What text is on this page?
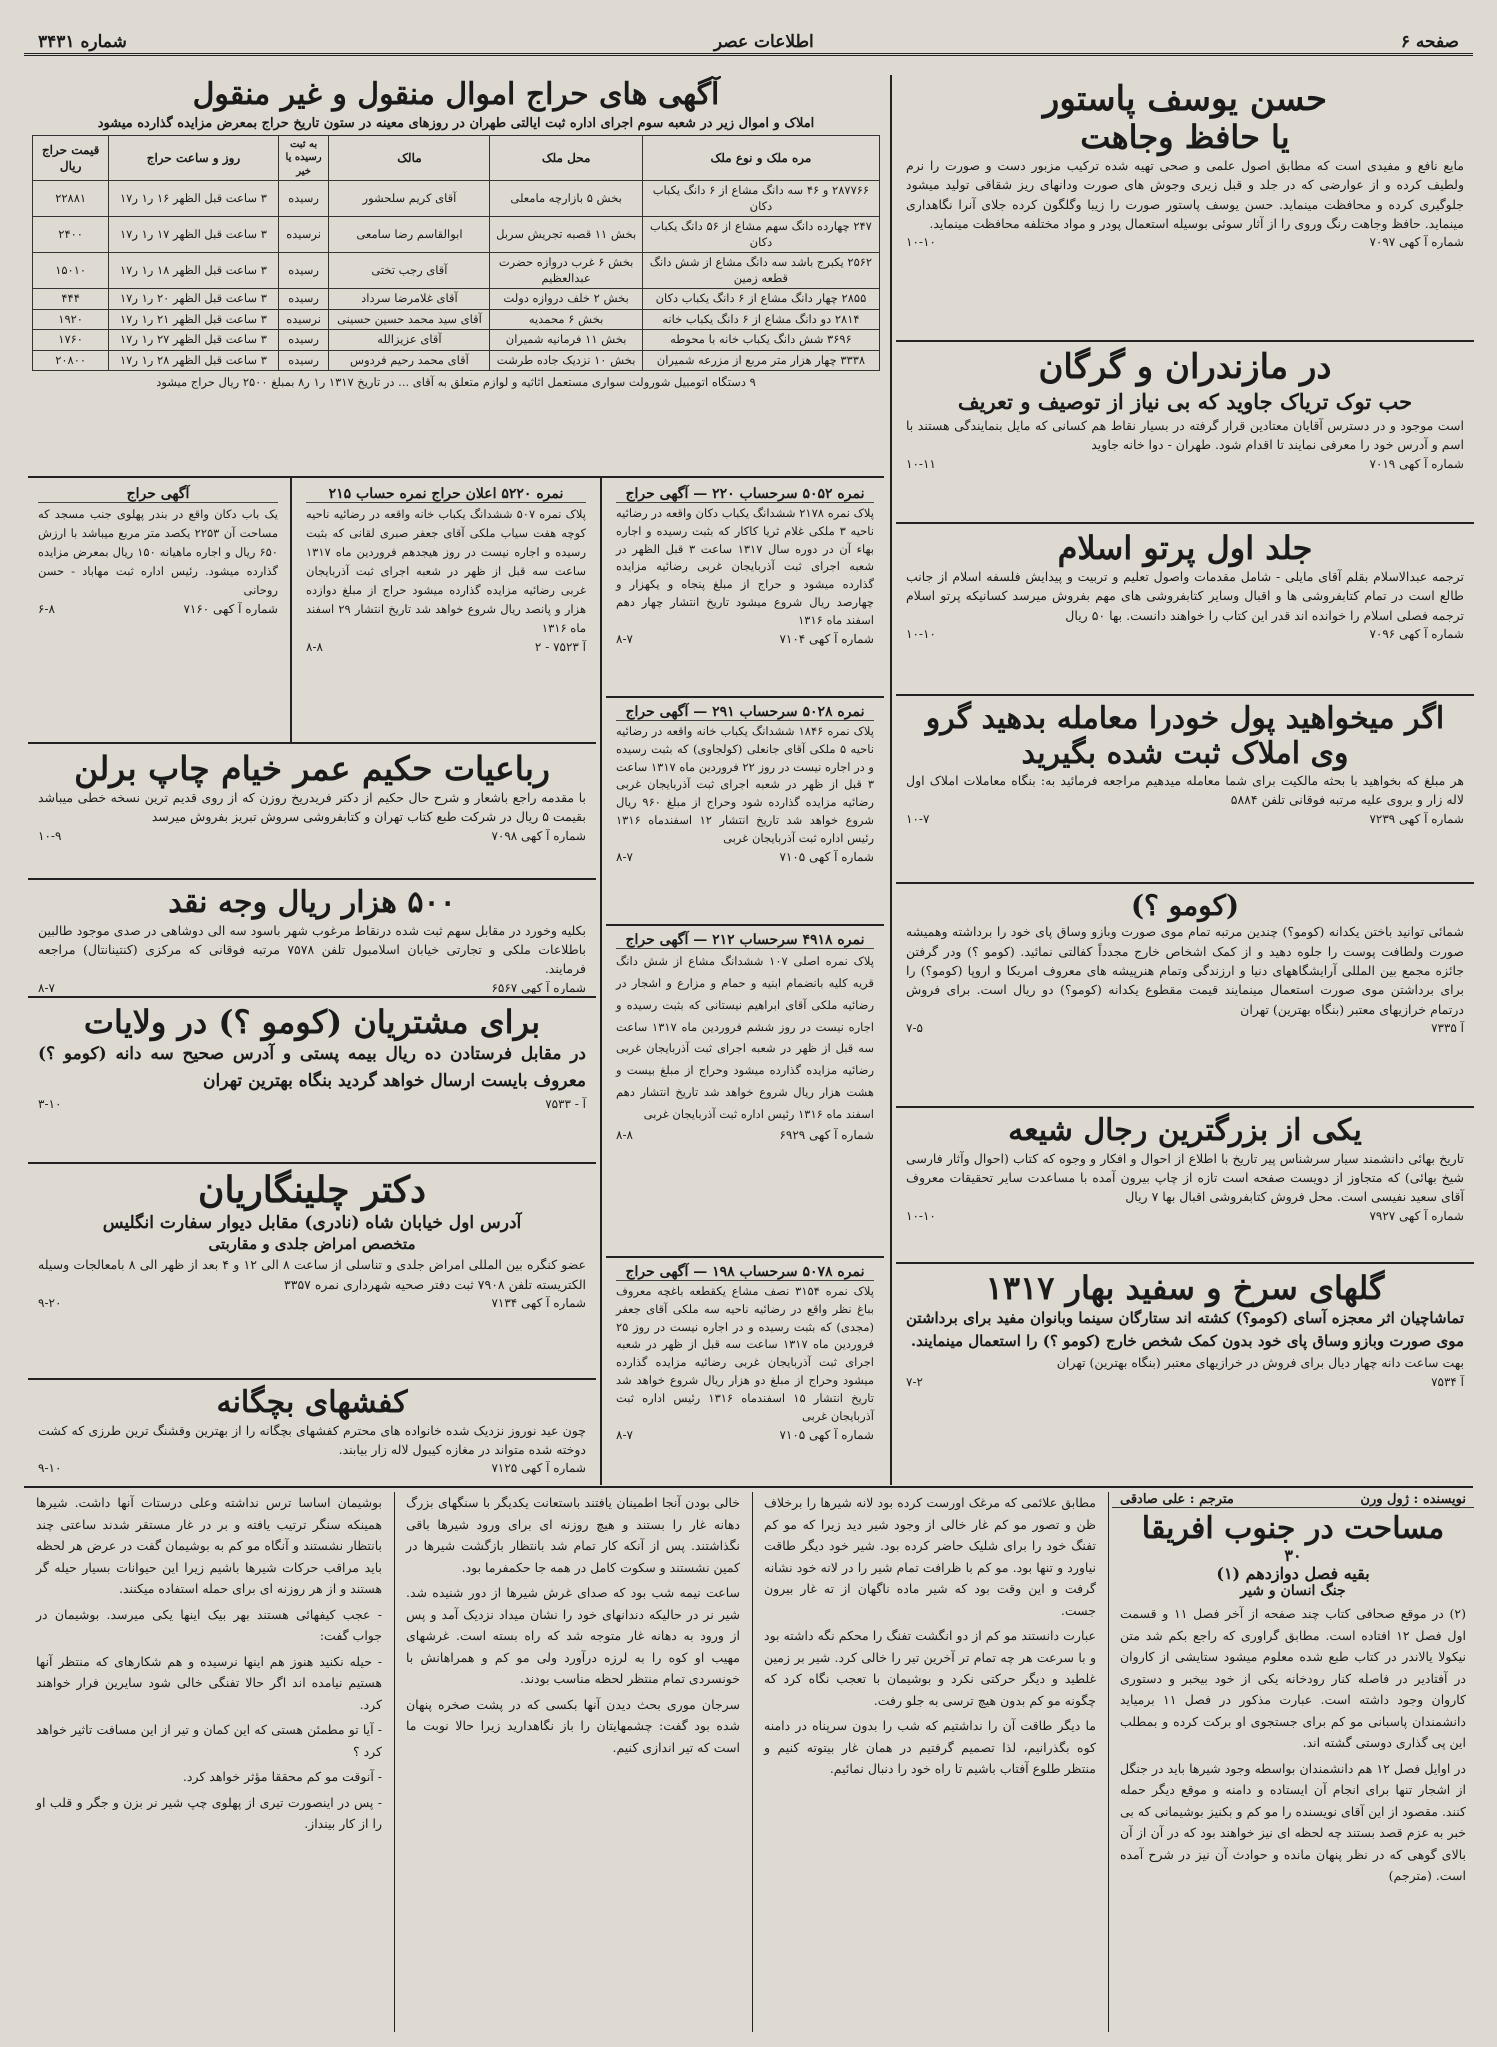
شماره ۳۴۳۱	اطلاعات عصر	صفحه ۶
حسن یوسف پاستور
یا حافظ وجاهت
مایع نافع و مفیدی است که مطابق اصول علمی و صحی تهیه شده ترکیب مزبور دست و صورت را نرم ولطیف کرده و از عوارضی که در جلد و قبل زیری وجوش های صورت ودانهای ریز شقاقی تولید میشود جلوگیری کرده و محافظت مینماید. حسن یوسف پاستور صورت را زیبا وگلگون کرده جلای آنرا نگاهداری مینماید. حافظ وجاهت رنگ وروی را از آثار سوئی بوسیله استعمال پودر و مواد مختلفه محافظت مینماید.
شماره آ کهی ۷۰۹۷
۱۰-۱۰
در مازندران و گرگان
حب توک تریاک جاوید که بی نیاز از توصیف و تعریف
است موجود و در دسترس آقایان معتادین قرار گرفته در بسیار نقاط هم کسانی که مایل بنمایندگی هستند با اسم و آدرس خود را معرفی نمایند تا اقدام شود. طهران - دوا خانه جاوید
شماره آ کهی ۷۰۱۹
۱۰-۱۱
جلد اول پرتو اسلام
ترجمه عبدالاسلام بقلم آقای مایلی - شامل مقدمات واصول تعلیم و تربیت و پیدایش فلسفه اسلام از جانب طالع است در تمام کتابفروشی ها و اقبال وسایر کتابفروشی های مهم بفروش میرسد کسانیکه پرتو اسلام ترجمه فصلی اسلام را خوانده اند قدر این کتاب را خواهند دانست. بها ۵۰ ریال
شماره آ کهی ۷۰۹۶
۱۰-۱۰
اگر میخواهید پول خودرا معامله بدهید گرو وی املاک ثبت شده بگیرید
هر مبلغ که بخواهید با بحثه مالکیت برای شما معامله میدهیم مراجعه فرمائید به: بنگاه معاملات املاک اول لاله زار و بروی علیه مرتبه فوقانی تلفن ۵۸۸۴
شماره آ کهی ۷۲۳۹
۱۰-۷
(کومو ؟)
شمائی توانید باختن یکدانه (کومو؟) چندین مرتبه تمام موی صورت وبازو وساق پای خود را برداشته وهمیشه صورت ولطافت پوست را جلوه دهید و از کمک اشخاص خارج مجدداً کفالتی نمائید. (کومو ؟) ودر گرفتن جائزه مجمع بین المللی آرایشگاههای دنیا و ارزندگی وتمام هنرپیشه های معروف امریکا و اروپا (کومو؟) را برای برداشتن موی صورت استعمال مینمایند قیمت مقطوع یکدانه (کومو؟) دو ریال است. برای فروش درتمام خرازیهای معتبر (بنگاه بهترین) تهران
آ ۷۳۳۵
۷-۵
یکی از بزرگترین رجال شیعه
تاریخ بهائی دانشمند سیار سرشناس پیر تاریخ با اطلاع از احوال و افکار و وجوه که کتاب (احوال وآثار فارسی شیخ بهائی) که متجاوز از دویست صفحه است تازه از چاپ بیرون آمده با مساعدت سایر تحقیقات معروف آقای سعید نفیسی است. محل فروش کتابفروشی اقبال بها ۷ ریال
شماره آ کهی ۷۹۲۷
۱۰-۱۰
گلهای سرخ و سفید بهار ۱۳۱۷
تماشاچیان اثر معجزه آسای (کومو؟) کشته اند ستارگان سینما وبانوان مفید برای برداشتن موی صورت وبازو وساق پای خود بدون کمک شخص خارج (کومو ؟) را استعمال مینمایند.
بهت ساعت دانه چهار دیال برای فروش در خرازیهای معتبر (بنگاه بهترین) تهران
آ ۷۵۳۴
۷-۲
آگهی های حراج اموال منقول و غیر منقول
املاک و اموال زیر در شعبه سوم اجرای اداره ثبت ایالتی طهران در روزهای معینه در ستون تاریخ حراج بمعرض مزایده گذارده میشود
مره ملک و نوع ملک	محل ملک	مالک	به ثبت رسیده یا خیر	روز و ساعت حراج	قیمت حراج ریال
۲۸۷۷۶۶ و ۴۶ سه دانگ مشاع از ۶ دانگ یکباب دکان	بخش ۵ بازارچه مامعلی	آقای کریم سلحشور	رسیده	۳ ساعت قبل الظهر ۱۶ ر۱ ر۱۷	۲۲۸۸۱
۲۴۷ چهارده دانگ سهم مشاع از ۵۶ دانگ یکباب دکان	بخش ۱۱ قصبه تجریش سربل	ابوالقاسم رضا سامعی	نرسیده	۳ ساعت قبل الظهر ۱۷ ر۱ ر۱۷	۲۴۰۰
۲۵۶۲ یکبرج باشد سه دانگ مشاع از شش دانگ قطعه زمین	بخش ۶ غرب دروازه حضرت عبدالعظیم	آقای رجب تختی	رسیده	۳ ساعت قبل الظهر ۱۸ ر۱ ر۱۷	۱۵۰۱۰
۲۸۵۵ چهار دانگ مشاع از ۶ دانگ یکباب دکان	بخش ۲ خلف دروازه دولت	آقای غلامرضا سرداد	رسیده	۳ ساعت قبل الظهر ۲۰ ر۱ ر۱۷	۴۴۴
۲۸۱۴ دو دانگ مشاع از ۶ دانگ یکباب خانه	بخش ۶ محمدیه	آقای سید محمد حسین حسینی	نرسیده	۳ ساعت قبل الظهر ۲۱ ر۱ ر۱۷	۱۹۲۰
۳۶۹۶ شش دانگ یکباب خانه با محوطه	بخش ۱۱ فرمانیه شمیران	آقای عزیزالله	رسیده	۳ ساعت قبل الظهر ۲۷ ر۱ ر۱۷	۱۷۶۰
۳۳۳۸ چهار هزار متر مربع از مزرعه شمیران	بخش ۱۰ نزدیک جاده طرشت	آقای محمد رحیم فردوس	رسیده	۳ ساعت قبل الظهر ۲۸ ر۱ ر۱۷	۲۰۸۰۰
۹ دستگاه اتومبیل شورولت سواری مستعمل اثاثیه و لوازم متعلق به آقای ... در تاریخ ۱۳۱۷ ر۱ ر۸ بمبلغ ۲۵۰۰ ریال حراج میشود
نمره ۵۰۵۲ سرحساب ۲۲۰ — آگهی حراج
پلاک نمره ۲۱۷۸ ششدانگ یکباب دکان واقعه در رضائیه ناحیه ۳ ملکی غلام ثریا کاکار که بثبت رسیده و اجاره بهاء آن در دوره سال ۱۳۱۷ ساعت ۳ قبل الظهر در شعبه اجرای ثبت آذربایجان غربی رضائیه مزایده گذارده میشود و حراج از مبلغ پنجاه و یکهزار و چهارصد ریال شروع میشود تاریخ انتشار چهار دهم اسفند ماه ۱۳۱۶
شماره آ کهی ۷۱۰۴
۸-۷
نمره ۵۰۲۸ سرحساب ۲۹۱ — آگهی حراج
پلاک نمره ۱۸۴۶ ششدانگ یکباب خانه واقعه در رضائیه ناحیه ۵ ملکی آقای جانعلی (کولجاوی) که بثبت رسیده و در اجاره نیست در روز ۲۲ فروردین ماه ۱۳۱۷ ساعت ۳ قبل از ظهر در شعبه اجرای ثبت آذربایجان غربی رضائیه مزایده گذارده شود وحراج از مبلغ ۹۶۰ ریال شروع خواهد شد تاریخ انتشار ۱۲ اسفندماه ۱۳۱۶ رئیس اداره ثبت آذربایجان غربی
شماره آ کهی ۷۱۰۵
۸-۷
نمره ۴۹۱۸ سرحساب ۲۱۲ — آگهی حراج
پلاک نمره اصلی ۱۰۷ ششدانگ مشاع از شش دانگ قریه کلیه بانضمام ابنیه و حمام و مزارع و اشجار در رضائیه ملکی آقای ابراهیم نیستانی که بثبت رسیده و اجاره نیست در روز ششم فروردین ماه ۱۳۱۷ ساعت سه قبل از ظهر در شعبه اجرای ثبت آذربایجان غربی رضائیه مزایده گذارده میشود وحراج از مبلغ بیست و هشت هزار ریال شروع خواهد شد تاریخ انتشار دهم اسفند ماه ۱۳۱۶ رئیس اداره ثبت آذربایجان غربی
شماره آ کهی ۶۹۲۹
۸-۸
نمره ۵۰۷۸ سرحساب ۱۹۸ — آگهی حراج
پلاک نمره ۳۱۵۴ نصف مشاع یکقطعه باغچه معروف بباغ نظر واقع در رضائیه ناحیه سه ملکی آقای جعفر (مجدی) که بثبت رسیده و در اجاره نیست در روز ۲۵ فروردین ماه ۱۳۱۷ ساعت سه قبل از ظهر در شعبه اجرای ثبت آذربایجان غربی رضائیه مزایده گذارده میشود وحراج از مبلغ دو هزار ریال شروع خواهد شد تاریخ انتشار ۱۵ اسفندماه ۱۳۱۶ رئیس اداره ثبت آذربایجان غربی
شماره آ کهی ۷۱۰۵
۸-۷
نمره ۵۲۲۰ اعلان حراج نمره حساب ۲۱۵
پلاک نمره ۵۰۷ ششدانگ یکباب خانه واقعه در رضائیه ناحیه کوچه هفت سیاب ملکی آقای جعفر صبری لقانی که بثبت رسیده و اجاره نیست در روز هیجدهم فروردین ماه ۱۳۱۷ ساعت سه قبل از ظهر در شعبه اجرای ثبت آذربایجان غربی رضائیه مزایده گذارده میشود حراج از مبلغ دوازده هزار و پانصد ریال شروع خواهد شد تاریخ انتشار ۲۹ اسفند ماه ۱۳۱۶
آ ۷۵۲۳ - ۲
۸-۸
آگهی حراج
یک باب دکان واقع در بندر پهلوی جنب مسجد که مساحت آن ۲۲۵۳ یکصد متر مربع میباشد با ارزش ۶۵۰ ریال و اجاره ماهیانه ۱۵۰ ریال بمعرض مزایده گذارده میشود. رئیس اداره ثبت مهاباد - حسن روحانی
شماره آ کهی ۷۱۶۰
۶-۸
رباعیات حکیم عمر خیام چاپ برلن
با مقدمه راجع باشعار و شرح حال حکیم از دکتر فریدریخ روزن که از روی قدیم ترین نسخه خطی میباشد بقیمت ۵ ریال در شرکت طبع کتاب تهران و کتابفروشی سروش تبریز بفروش میرسد
شماره آ کهی ۷۰۹۸
۱۰-۹
۵۰۰ هزار ریال وجه نقد
بکلیه وخورد در مقابل سهم ثبت شده درنقاط مرغوب شهر باسود سه الی دوشاهی در صدی موجود طالبین باطلاعات ملکی و تجارتی خیابان اسلامبول تلفن ۷۵۷۸ مرتبه فوقانی که مرکزی (کنتینانتال) مراجعه فرمایند.
شماره آ کهی ۶۵۶۷
۸-۷
برای مشتریان (کومو ؟) در ولایات
در مقابل فرستادن ده ریال بیمه پستی و آدرس صحیح سه دانه (کومو ؟) معروف بایست ارسال خواهد گردید بنگاه بهترین تهران
آ - ۷۵۳۳
۳-۱۰
دکتر چلینگاریان
آدرس اول خیابان شاه (نادری) مقابل دیوار سفارت انگلیس
متخصص امراض جلدی و مقاربتی
عضو کنگره بین المللی امراض جلدی و تناسلی از ساعت ۸ الی ۱۲ و ۴ بعد از ظهر الی ۸ بامعالجات وسیله الکتریسته تلفن ۷۹۰۸ ثبت دفتر صحیه شهرداری نمره ۳۳۵۷
شماره آ کهی ۷۱۳۴
۹-۲۰
کفشهای بچگانه
چون عید نوروز نزدیک شده خانواده های محترم کفشهای بچگانه را از بهترین وقشنگ ترین طرزی که کشت دوخته شده متواند در مغازه کیبول لاله زار بیابند.
شماره آ کهی ۷۱۲۵
۹-۱۰
نویسنده : ژول ورن
مترجم : علی صادقی
مساحت در جنوب افریقا
۳۰
بقیه فصل دوازدهم (۱)
جنگ انسان و شیر

(۲) در موقع صحافی کتاب چند صفحه از آخر فصل ۱۱ و قسمت اول فصل ۱۲ افتاده است. مطابق گراوری که راجع بکم شد متن نیکولا یالاندر در کتاب طبع شده معلوم میشود ستایشی از کاروان در آفتادیر در فاصله کنار رودخانه یکی از خود بیخبر و دستوری کاروان وجود داشته است. عبارت مذکور در فصل ۱۱ برمیاید دانشمندان پاسبانی مو کم برای جستجوی او برکت کرده و بمطلب این پی گذاری دوستی گشته اند.

در اوایل فصل ۱۲ هم دانشمندان بواسطه وجود شیرها باید در جنگل از اشجار تنها برای انجام آن ایستاده و دامنه و موقع دیگر حمله کنند. مقصود از این آقای نویسنده را مو کم و بکنیز بوشیمانی که بی خبر به عزم قصد بستند چه لحظه ای نیز خواهند بود که در آن از آن بالای گوهی که در نظر پنهان مانده و حوادث آن نیز در شرح آمده است. (مترجم)

مطابق علائمی که مرغک اورست کرده بود لانه شیرها را برخلاف ظن و تصور مو کم غار خالی از وجود شیر دید زیرا که مو کم تفنگ خود را برای شلیک حاضر کرده بود. شیر خود دیگر طاقت نیاورد و تنها بود. مو کم با ظرافت تمام شیر را در لانه خود نشانه گرفت و این وقت بود که شیر ماده ناگهان از ته غار بیرون جست.

عبارت دانستند مو کم از دو انگشت تفنگ را محکم نگه داشته بود و با سرعت هر چه تمام تر آخرین تیر را خالی کرد. شیر بر زمین غلطید و دیگر حرکتی نکرد و بوشیمان با تعجب نگاه کرد که چگونه مو کم بدون هیچ ترسی به جلو رفت.

ما دیگر طاقت آن را نداشتیم که شب را بدون سرپناه در دامنه کوه بگذرانیم، لذا تصمیم گرفتیم در همان غار بیتوته کنیم و منتظر طلوع آفتاب باشیم تا راه خود را دنبال نمائیم.

خالی بودن آنجا اطمینان یافتند باستعانت یکدیگر با سنگهای بزرگ دهانه غار را بستند و هیچ روزنه ای برای ورود شیرها باقی نگذاشتند. پس از آنکه کار تمام شد بانتظار بازگشت شیرها در کمین نشستند و سکوت کامل در همه جا حکمفرما بود.

ساعت نیمه شب بود که صدای غرش شیرها از دور شنیده شد. شیر نر در حالیکه دندانهای خود را نشان میداد نزدیک آمد و پس از ورود به دهانه غار متوجه شد که راه بسته است. غرشهای مهیب او کوه را به لرزه درآورد ولی مو کم و همراهانش با خونسردی تمام منتظر لحظه مناسب بودند.

سرجان موری بحث دیدن آنها بکسی که در پشت صخره پنهان شده بود گفت: چشمهایتان را باز نگاهدارید زیرا حالا نوبت ما است که تیر اندازی کنیم.

بوشیمان اساسا ترس نداشته وعلی درستات آنها داشت. شیرها همینکه سنگر ترتیب یافته و بر در غار مستقر شدند ساعتی چند بانتظار نشستند و آنگاه مو کم به بوشیمان گفت در عرض هر لحظه باید مراقب حرکات شیرها باشیم زیرا این حیوانات بسیار حیله گر هستند و از هر روزنه ای برای حمله استفاده میکنند.

- عجب کیفهائی هستند بهر بیک اینها یکی میرسد. بوشیمان در جواب گفت:

- حیله نکنید هنوز هم اینها نرسیده و هم شکارهای که منتظر آنها هستیم نیامده اند اگر حالا تفنگی خالی شود سایرین فرار خواهند کرد.

- آیا تو مطمئن هستی که این کمان و تیر از این مسافت تاثیر خواهد کرد ؟

- آنوقت مو کم محققا مؤثر خواهد کرد.

- پس در اینصورت تیری از پهلوی چپ شیر نر بزن و جگر و قلب او را از کار بینداز.
